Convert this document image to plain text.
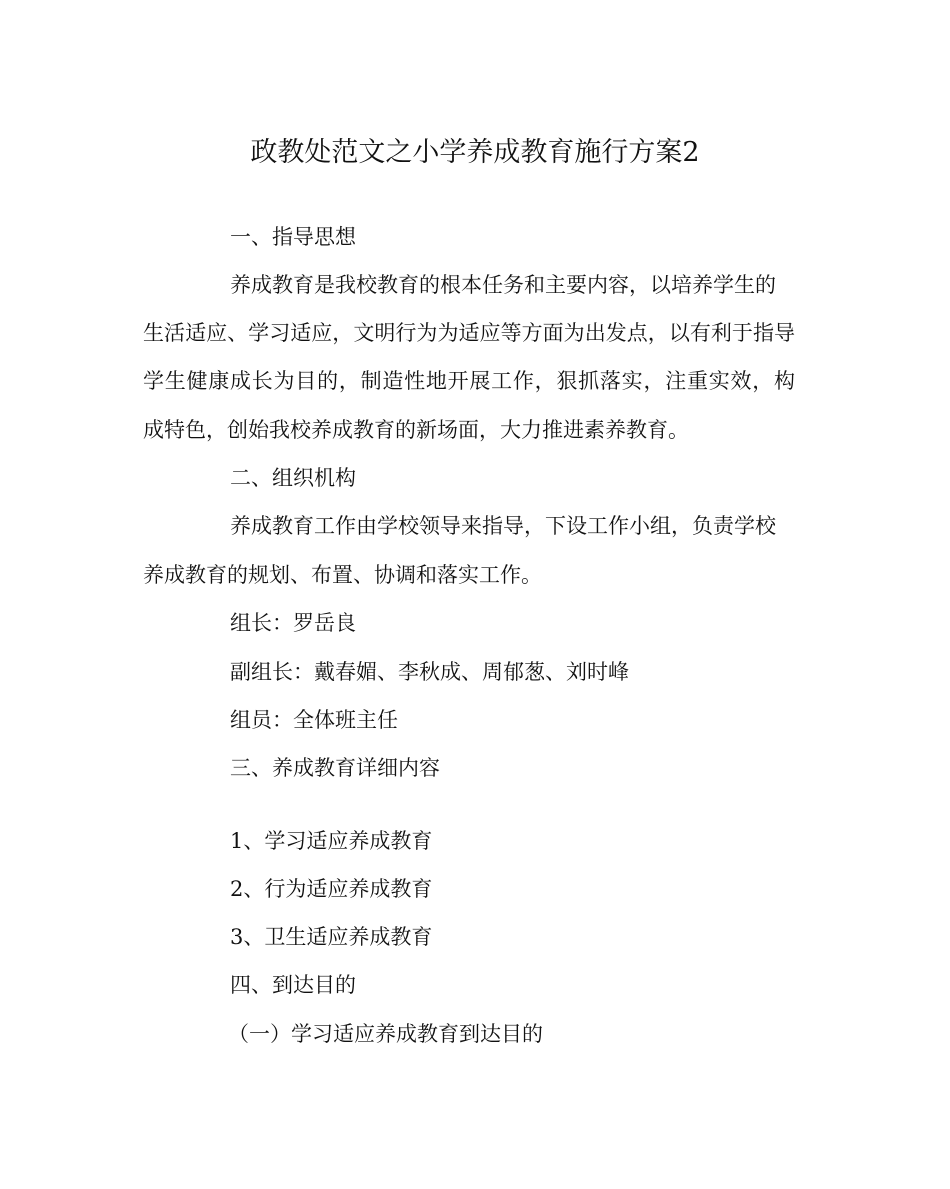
政教处范文之小学养成教育施行方案2
一、指导思想
养成教育是我校教育的根本任务和主要内容，以培养学生的
生活适应、学习适应，文明行为为适应等方面为出发点，以有利于指导
学生健康成长为目的，制造性地开展工作，狠抓落实，注重实效，构
成特色，创始我校养成教育的新场面，大力推进素养教育。
二、组织机构
养成教育工作由学校领导来指导，下设工作小组，负责学校
养成教育的规划、布置、协调和落实工作。
组长：罗岳良
副组长：戴春媚、李秋成、周郁葱、刘时峰
组员：全体班主任
三、养成教育详细内容
1、学习适应养成教育
2、行为适应养成教育
3、卫生适应养成教育
四、到达目的
（一）学习适应养成教育到达目的
